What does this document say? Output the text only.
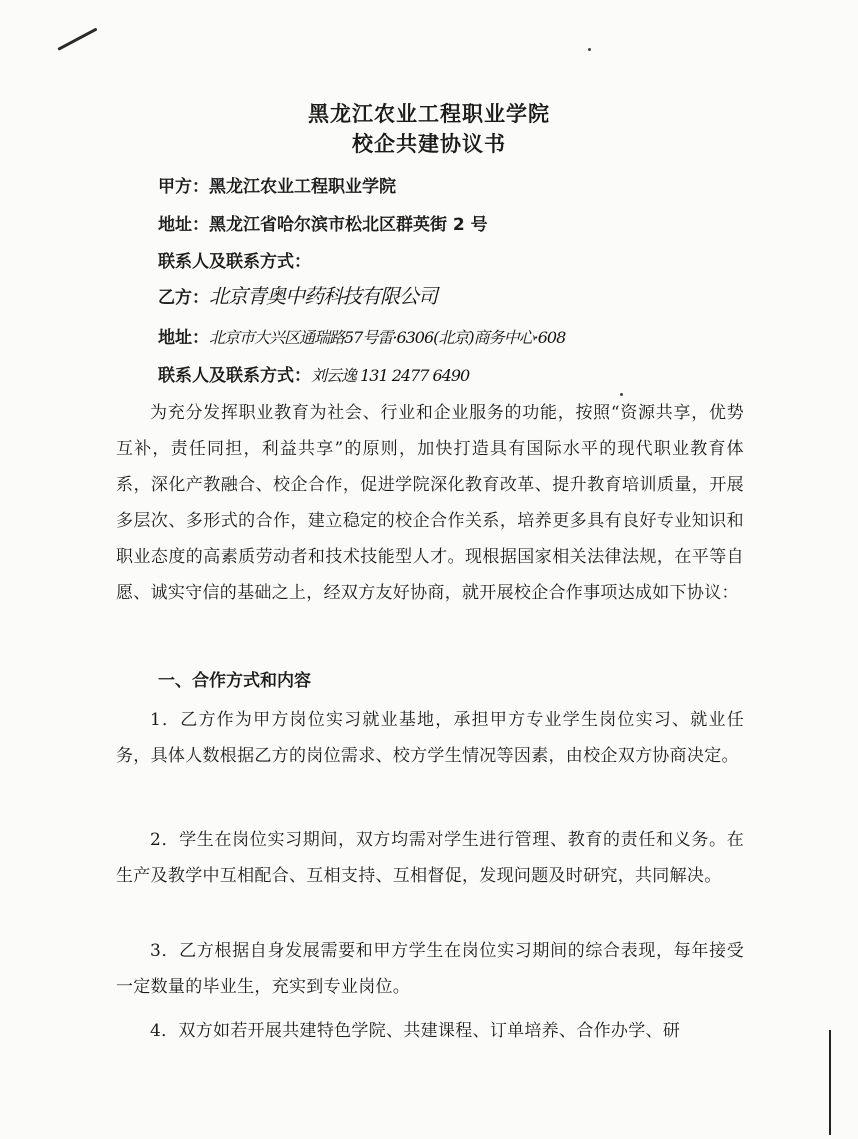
黑龙江农业工程职业学院
校企共建协议书
甲方：黑龙江农业工程职业学院
地址：黑龙江省哈尔滨市松北区群英街 2 号
联系人及联系方式：
乙方：北京青奥中药科技有限公司
地址：北京市大兴区通瑞路57号雷·6306(北京)商务中心·608
联系人及联系方式：刘云逸 131 2477 6490

为充分发挥职业教育为社会、行业和企业服务的功能，按照“资源共享，优势互补，责任同担，利益共享”的原则，加快打造具有国际水平的现代职业教育体系，深化产教融合、校企合作，促进学院深化教育改革、提升教育培训质量，开展多层次、多形式的合作，建立稳定的校企合作关系，培养更多具有良好专业知识和职业态度的高素质劳动者和技术技能型人才。现根据国家相关法律法规，在平等自愿、诚实守信的基础之上，经双方友好协商，就开展校企合作事项达成如下协议：

一、合作方式和内容

1．乙方作为甲方岗位实习就业基地，承担甲方专业学生岗位实习、就业任务，具体人数根据乙方的岗位需求、校方学生情况等因素，由校企双方协商决定。

2．学生在岗位实习期间，双方均需对学生进行管理、教育的责任和义务。在生产及教学中互相配合、互相支持、互相督促，发现问题及时研究，共同解决。

3．乙方根据自身发展需要和甲方学生在岗位实习期间的综合表现，每年接受一定数量的毕业生，充实到专业岗位。

4．双方如若开展共建特色学院、共建课程、订单培养、合作办学、研
